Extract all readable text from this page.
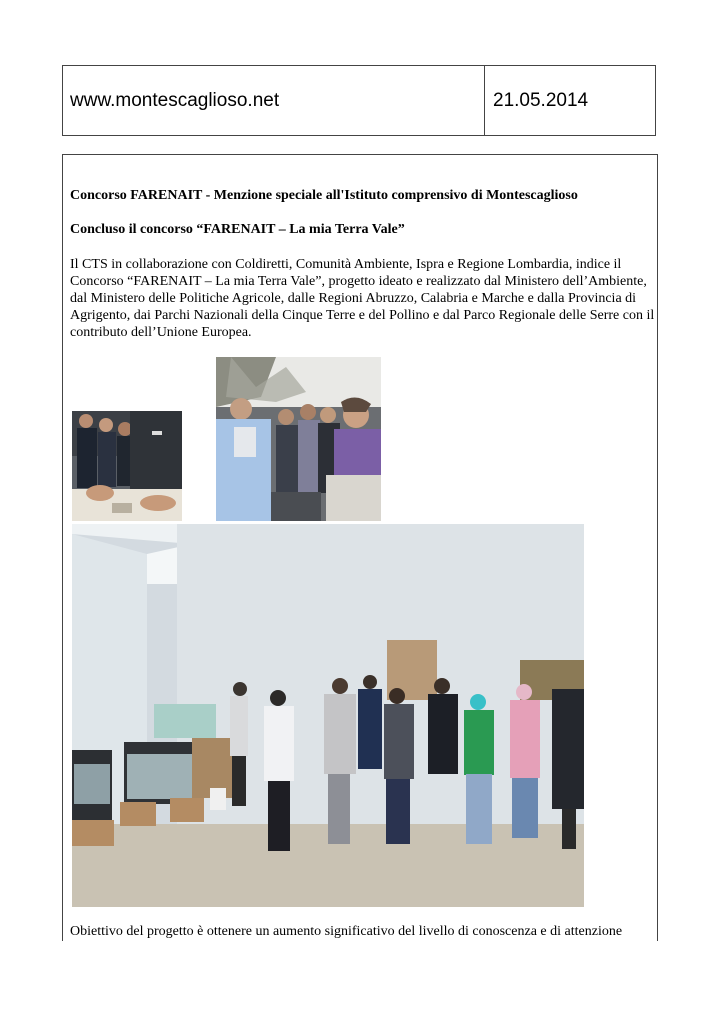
www.montescaglioso.net	21.05.2014
Concorso FARENAIT - Menzione speciale all'Istituto comprensivo di Montescaglioso
Concluso il concorso “FARENAIT – La mia Terra Vale”
Il CTS in collaborazione con Coldiretti, Comunità Ambiente, Ispra e Regione Lombardia, indice il Concorso “FARENAIT – La mia Terra Vale”, progetto ideato e realizzato dal Ministero dell’Ambiente, dal Ministero delle Politiche Agricole, dalle Regioni Abruzzo, Calabria e Marche e dalla Provincia di Agrigento, dai Parchi Nazionali della Cinque Terre e del Pollino e dal Parco Regionale delle Serre con il contributo dell’Unione Europea.
Obiettivo del progetto è ottenere un aumento significativo del livello di conoscenza e di attenzione
